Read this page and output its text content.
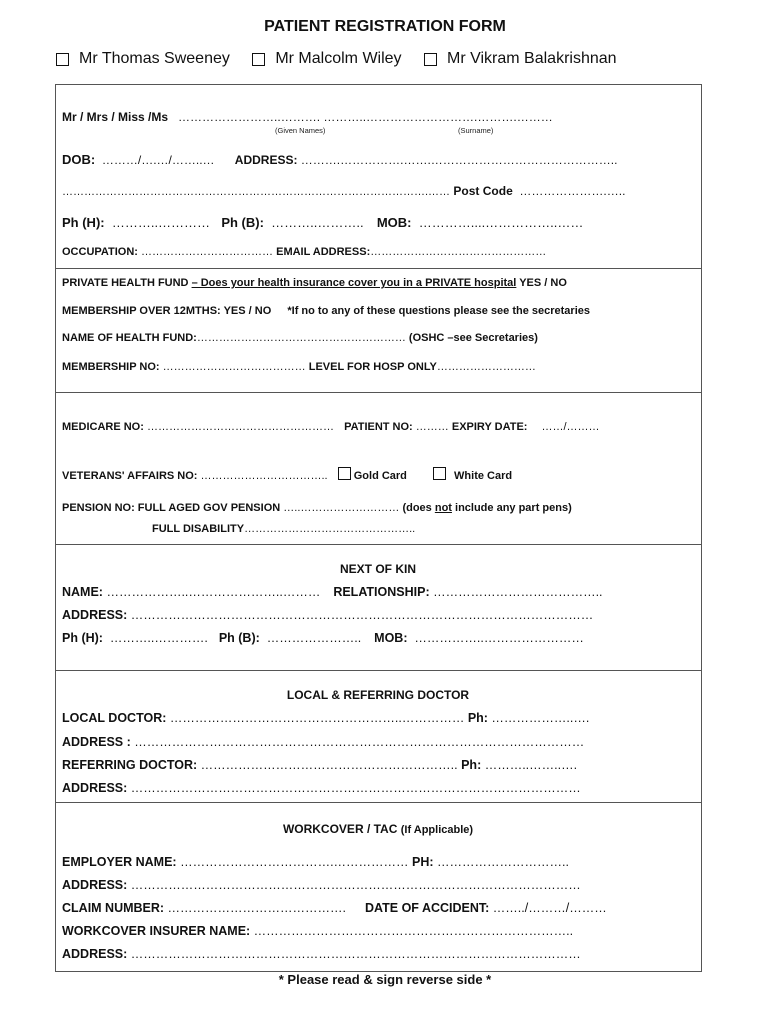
PATIENT REGISTRATION FORM
Mr Thomas Sweeney
	Mr Malcolm Wiley
	Mr Vikram Balakrishnan
Mr / Mrs / Miss /Ms   ……………………..………. ………..……………………….……….………
(Given Names)	(Surname)
DOB: ………/….…/……..… ADDRESS: ……….…………….…….………………………………………..
……………………………………………………………………………………….…… Post Code  ………………….…..
Ph (H):  ………..………… Ph (B):  ………..……….. MOB:  …………....……………..……
OCCUPATION: ……………………………… EMAIL ADDRESS:…………………………………………
PRIVATE HEALTH FUND – Does your health insurance cover you in a PRIVATE hospital YES / NO
MEMBERSHIP OVER 12MTHS: YES / NO *If no to any of these questions please see the secretaries
NAME OF HEALTH FUND:………………………………………………… (OSHC –see Secretaries)
MEMBERSHIP NO: ………………………………… LEVEL FOR HOSP ONLY………………………
MEDICARE NO: …………………………………………… PATIENT NO: ……… EXPIRY DATE: ……/………
VETERANS' AFFAIRS NO: …………………………….. Gold Card	White Card
PENSION NO: FULL AGED GOV PENSION …..……………………… (does not include any part pens)
FULL DISABILITY………………………………………..
NEXT OF KIN
NAME: ………………..…………………..……… RELATIONSHIP: …………………………………..
ADDRESS: …………………………………………………………………………………………………
Ph (H):  ………..…………. Ph (B):  ………………….. MOB:  ……………..……………………
LOCAL & REFERRING DOCTOR
LOCAL DOCTOR: ………………………………………………..…………… Ph: ………………..….
ADDRESS : ………………………………………………………………………………………………
REFERRING DOCTOR: …………………………………………………….. Ph: ………..……..….
ADDRESS: ………………………………………………………………………………………………
WORKCOVER / TAC (If Applicable)
EMPLOYER NAME: ……………………………….……………… PH: …………………………..
ADDRESS: ………………………………………………………………………………………………
CLAIM NUMBER: ……………………………………. DATE OF ACCIDENT: ……../………/………
WORKCOVER INSURER NAME: …………………………………………………………………..
ADDRESS: ………………………………………………………………………………………………
* Please read & sign reverse side *
